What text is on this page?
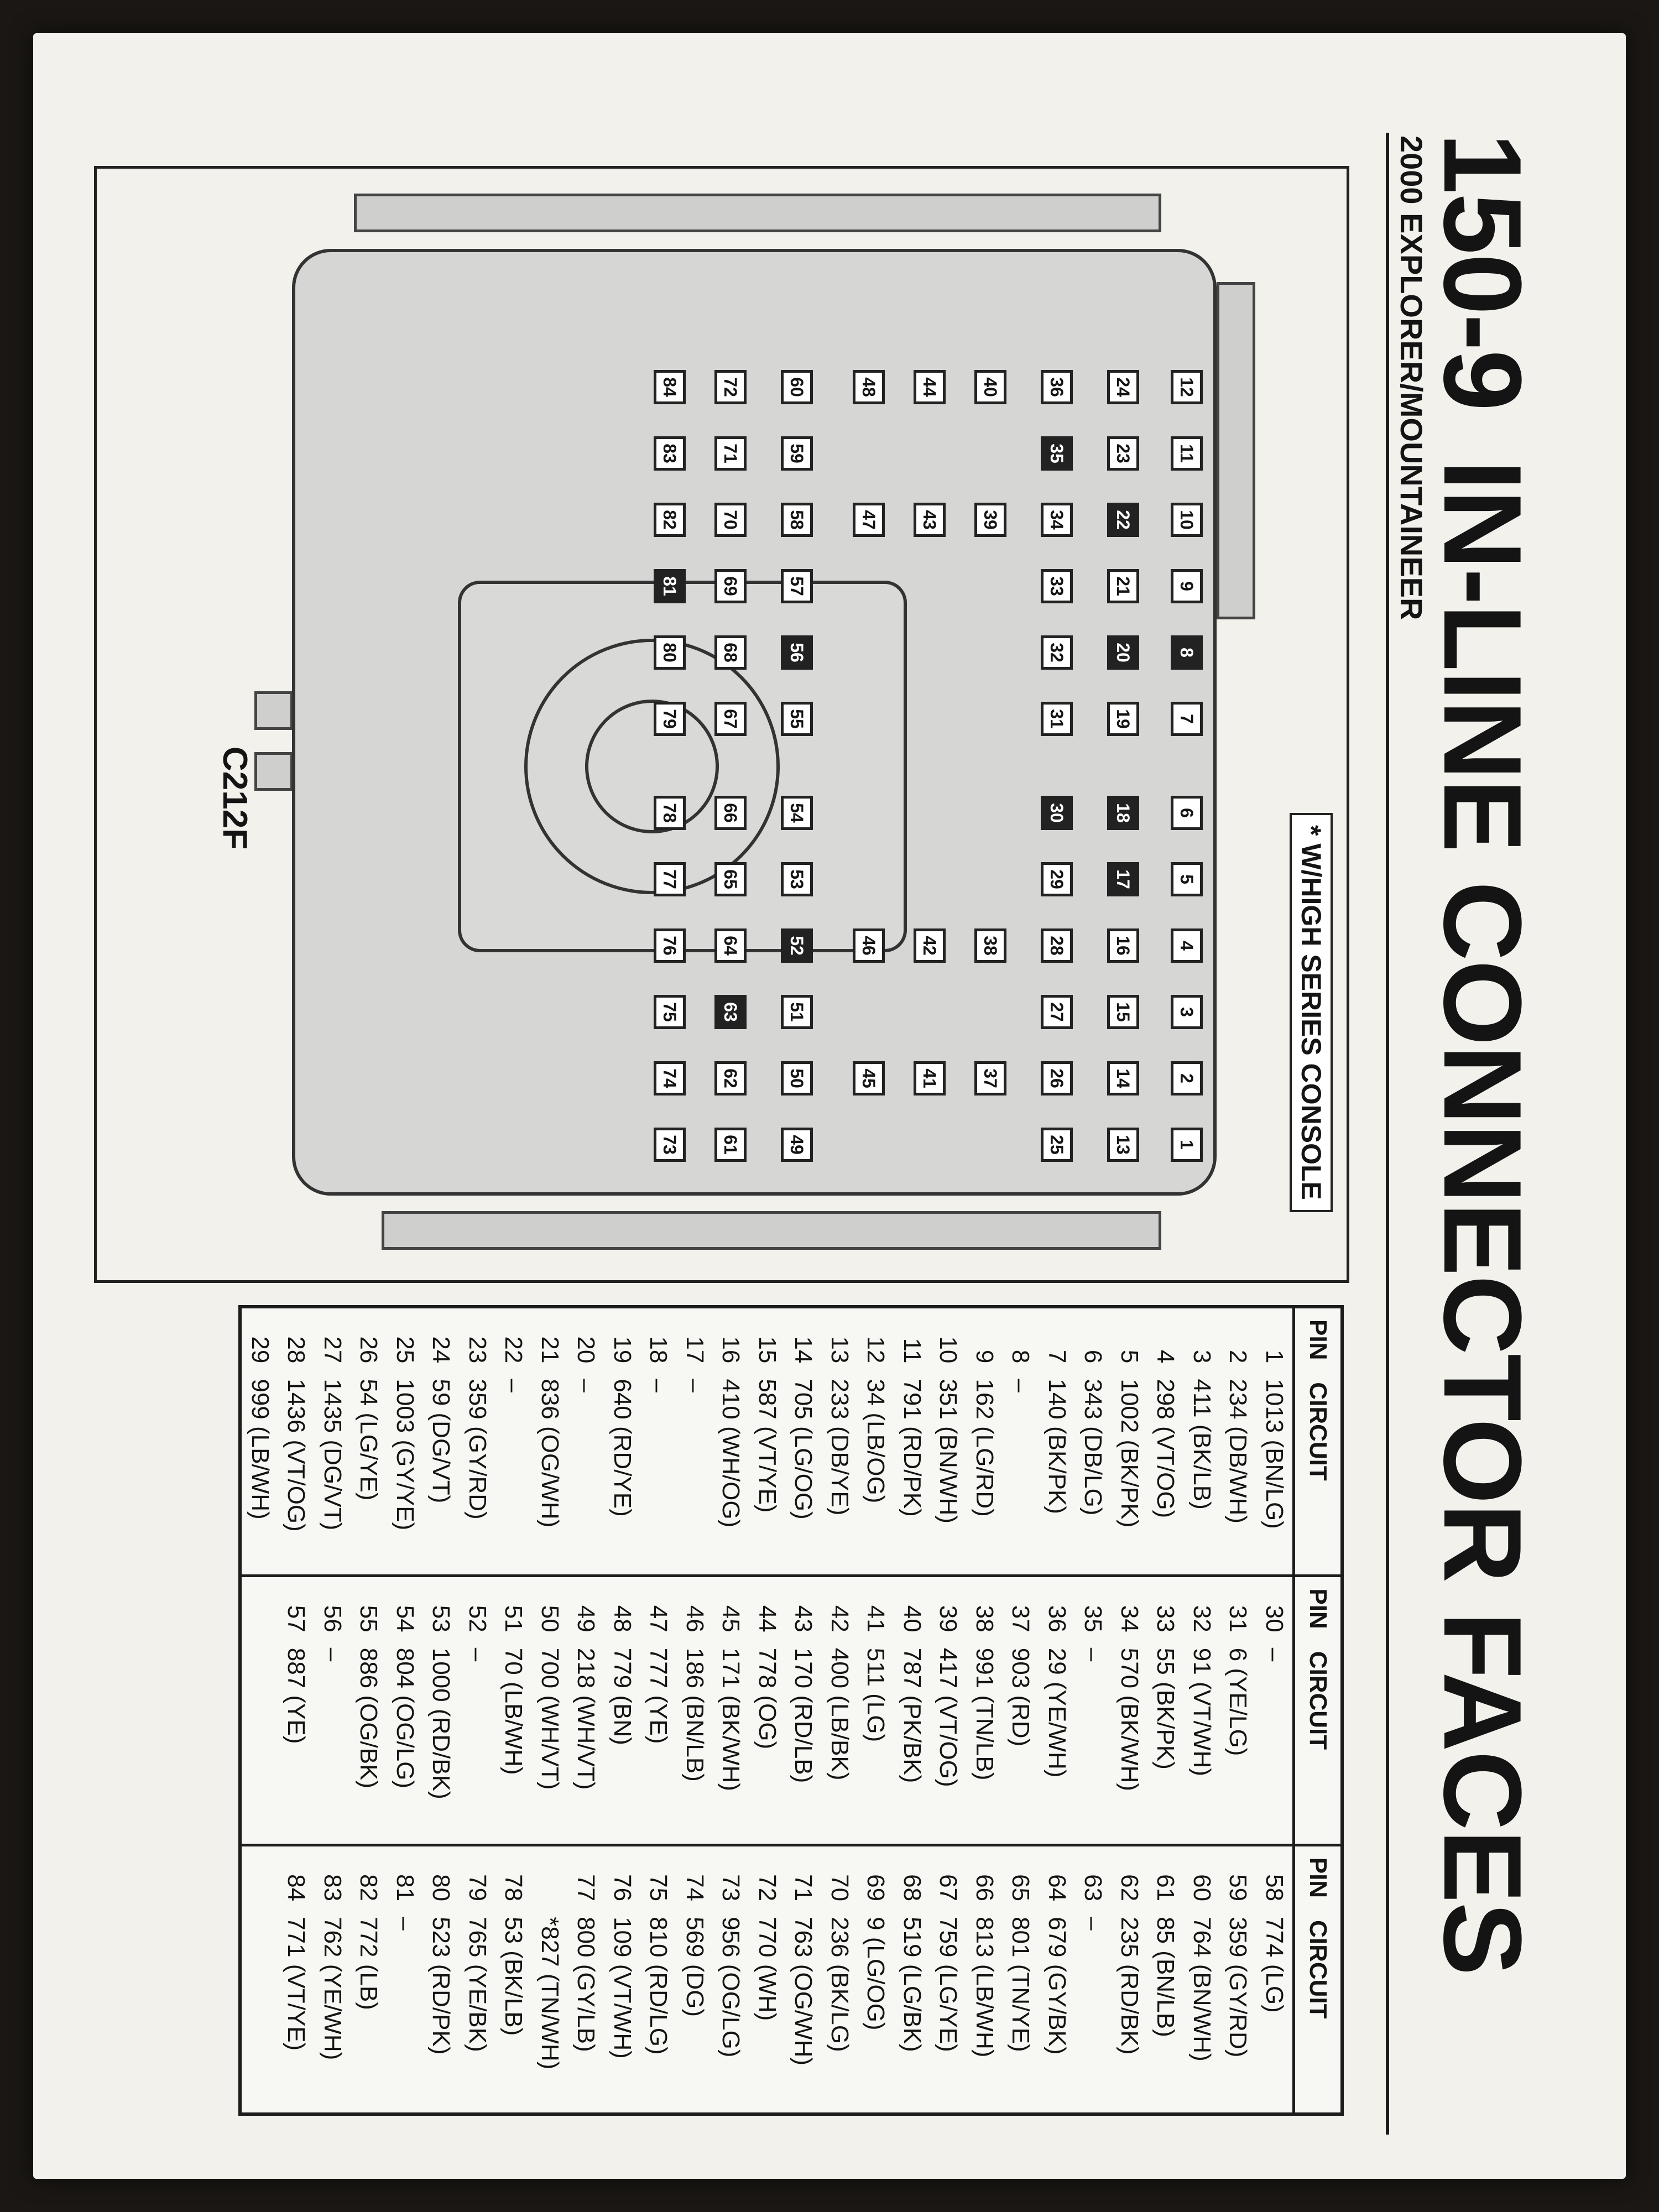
150-9IN-LINE CONNECTOR FACES
2000 EXPLORER/MOUNTAINEER
* W/HIGH SERIES CONSOLE
1
2
3
4
5
6
7
8
9
10
11
12
13
14
15
16
17
18
19
20
21
22
23
24
25
26
27
28
29
30
31
32
33
34
35
36
37
38
39
40
41
42
43
44
45
46
47
48
49
50
51
52
53
54
55
56
57
58
59
60
61
62
63
64
65
66
67
68
69
70
71
72
73
74
75
76
77
78
79
80
81
82
83
84
C212F
PIN	CIRCUIT	PIN	CIRCUIT	PIN	CIRCUIT
1	1013 (BN/LG)	30	–	58	774 (LG)
2	234 (DB/WH)	31	6 (YE/LG)	59	359 (GY/RD)
3	411 (BK/LB)	32	91 (VT/WH)	60	764 (BN/WH)
4	298 (VT/OG)	33	55 (BK/PK)	61	85 (BN/LB)
5	1002 (BK/PK)	34	570 (BK/WH)	62	235 (RD/BK)
6	343 (DB/LG)	35	–	63	–
7	140 (BK/PK)	36	29 (YE/WH)	64	679 (GY/BK)
8	–	37	903 (RD)	65	801 (TN/YE)
9	162 (LG/RD)	38	991 (TN/LB)	66	813 (LB/WH)
10	351 (BN/WH)	39	417 (VT/OG)	67	759 (LG/YE)
11	791 (RD/PK)	40	787 (PK/BK)	68	519 (LG/BK)
12	34 (LB/OG)	41	511 (LG)	69	9 (LG/OG)
13	233 (DB/YE)	42	400 (LB/BK)	70	236 (BK/LG)
14	705 (LG/OG)	43	170 (RD/LB)	71	763 (OG/WH)
15	587 (VT/YE)	44	778 (OG)	72	770 (WH)
16	410 (WH/OG)	45	171 (BK/WH)	73	956 (OG/LG)
17	–	46	186 (BN/LB)	74	569 (DG)
18	–	47	777 (YE)	75	810 (RD/LG)
19	640 (RD/YE)	48	779 (BN)	76	109 (VT/WH)
20	–	49	218 (WH/VT)	77	800 (GY/LB)
21	836 (OG/WH)	50	700 (WH/VT)		*827 (TN/WH)
22	–	51	70 (LB/WH)	78	53 (BK/LB)
23	359 (GY/RD)	52	–	79	765 (YE/BK)
24	59 (DG/VT)	53	1000 (RD/BK)	80	523 (RD/PK)
25	1003 (GY/YE)	54	804 (OG/LG)	81	–
26	54 (LG/YE)	55	886 (OG/BK)	82	772 (LB)
27	1435 (DG/VT)	56	–	83	762 (YE/WH)
28	1436 (VT/OG)	57	887 (YE)	84	771 (VT/YE)
29	999 (LB/WH)				
